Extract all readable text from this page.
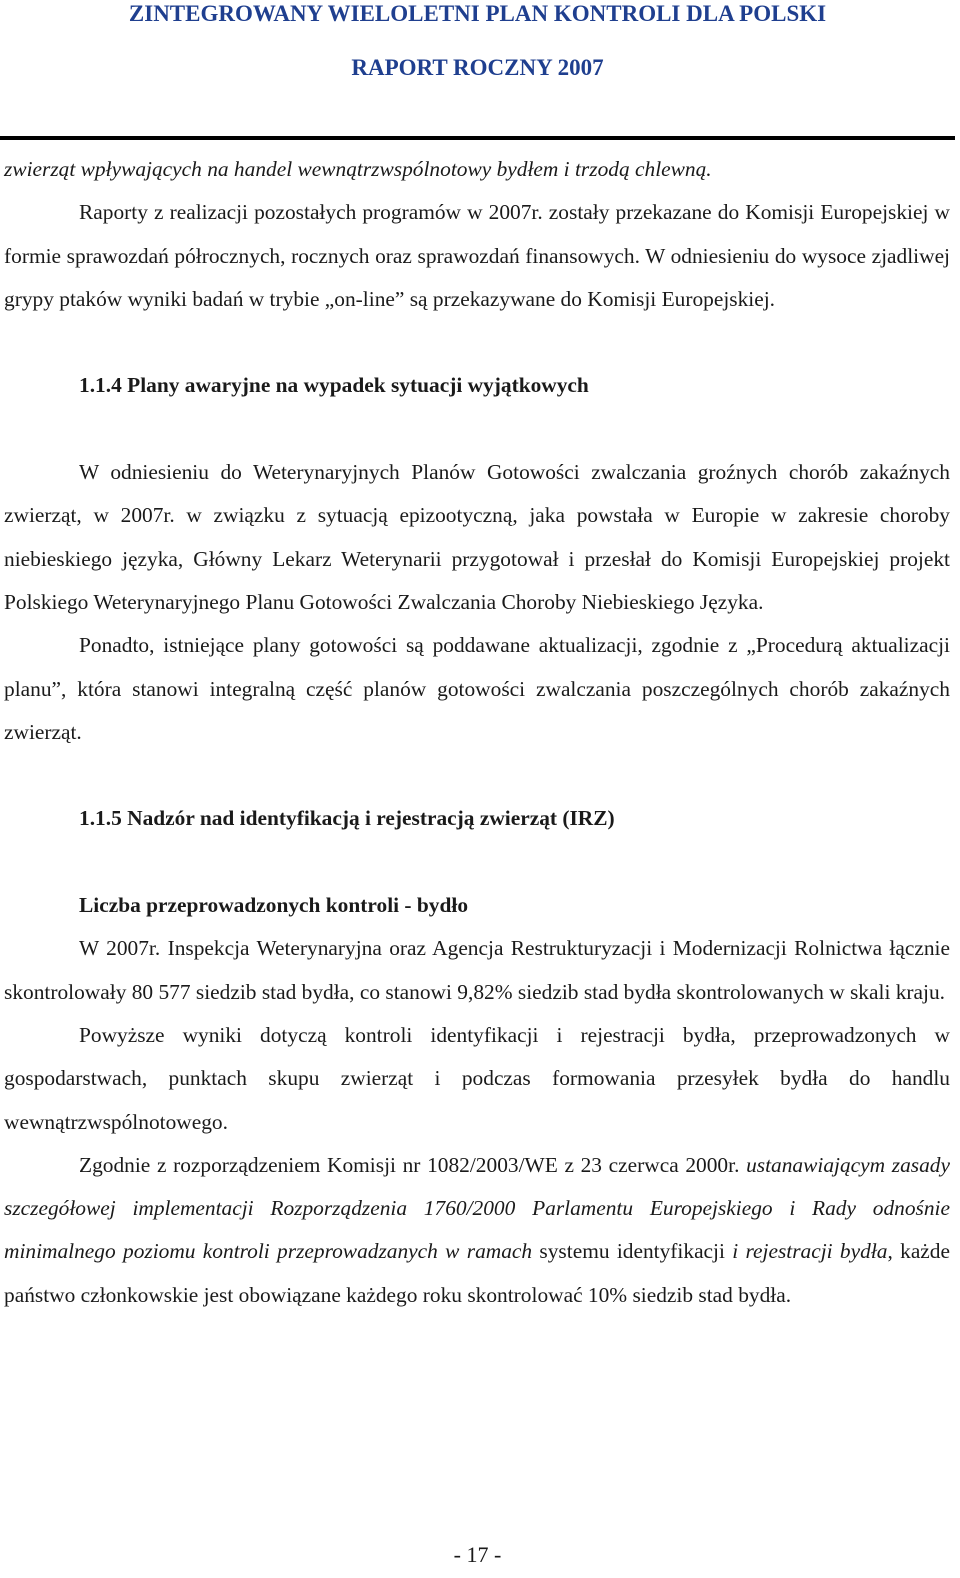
ZINTEGROWANY WIELOLETNI PLAN KONTROLI DLA POLSKI
RAPORT ROCZNY 2007

zwierząt wpływających na handel wewnątrzwspólnotowy bydłem i trzodą chlewną.

Raporty z realizacji pozostałych programów w 2007r. zostały przekazane do Komisji Europejskiej w formie sprawozdań półrocznych, rocznych oraz sprawozdań finansowych. W odniesieniu do wysoce zjadliwej grypy ptaków wyniki badań w trybie „on-line” są przekazywane do Komisji Europejskiej.

1.1.4 Plany awaryjne na wypadek sytuacji wyjątkowych

W odniesieniu do Weterynaryjnych Planów Gotowości zwalczania groźnych chorób zakaźnych zwierząt, w 2007r. w związku z sytuacją epizootyczną, jaka powstała w Europie w zakresie choroby niebieskiego języka, Główny Lekarz Weterynarii przygotował i przesłał do Komisji Europejskiej projekt Polskiego Weterynaryjnego Planu Gotowości Zwalczania Choroby Niebieskiego Języka.

Ponadto, istniejące plany gotowości są poddawane aktualizacji, zgodnie z „Procedurą aktualizacji planu”, która stanowi integralną część planów gotowości zwalczania poszczególnych chorób zakaźnych zwierząt.

1.1.5 Nadzór nad identyfikacją i rejestracją zwierząt (IRZ)
Liczba przeprowadzonych kontroli - bydło

W 2007r. Inspekcja Weterynaryjna oraz Agencja Restrukturyzacji i Modernizacji Rolnictwa łącznie skontrolowały 80 577 siedzib stad bydła, co stanowi 9,82% siedzib stad bydła skontrolowanych w skali kraju.

Powyższe wyniki dotyczą kontroli identyfikacji i rejestracji bydła, przeprowadzonych w gospodarstwach, punktach skupu zwierząt i podczas formowania przesyłek bydła do handlu wewnątrzwspólnotowego.

Zgodnie z rozporządzeniem Komisji nr 1082/2003/WE z 23 czerwca 2000r. ustanawiającym zasady szczegółowej implementacji Rozporządzenia 1760/2000 Parlamentu Europejskiego i Rady odnośnie minimalnego poziomu kontroli przeprowadzanych w ramach systemu identyfikacji i rejestracji bydła, każde państwo członkowskie jest obowiązane każdego roku skontrolować 10% siedzib stad bydła.

- 17 -
